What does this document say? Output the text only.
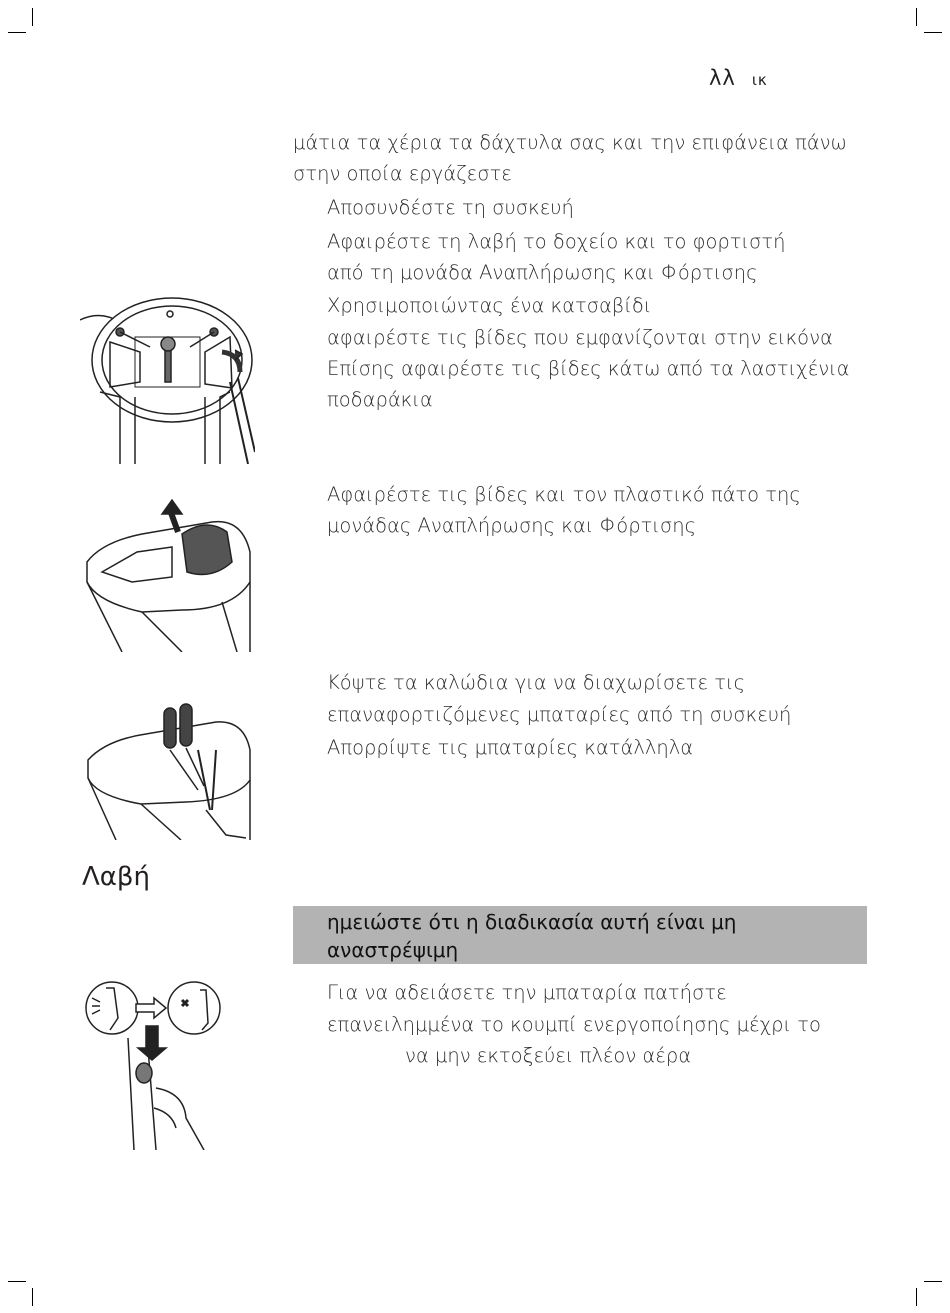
λλ ικ
μάτια τα χέρια τα δάχτυλα σας και την επιφάνεια πάνω
στην οποία εργάζεστε
Αποσυνδέστε τη συσκευή
Αφαιρέστε τη λαβή το δοχείο και το φορτιστή
από τη μονάδα Αναπλήρωσης και Φόρτισης
Χρησιμοποιώντας ένα κατσαβίδι
αφαιρέστε τις βίδες που εμφανίζονται στην εικόνα
Επίσης αφαιρέστε τις βίδες κάτω από τα λαστιχένια
ποδαράκια
Αφαιρέστε τις βίδες και τον πλαστικό πάτο της
μονάδας Αναπλήρωσης και Φόρτισης
Κόψτε τα καλώδια για να διαχωρίσετε τις
επαναφορτιζόμενες μπαταρίες από τη συσκευή
Απορρίψτε τις μπαταρίες κατάλληλα
Λαβή
ημειώστε ότι η διαδικασία αυτή είναι μη
αναστρέψιμη
Για να αδειάσετε την μπαταρία πατήστε
επανειλημμένα το κουμπί ενεργοποίησης μέχρι το
να μην εκτοξεύει πλέον αέρα
